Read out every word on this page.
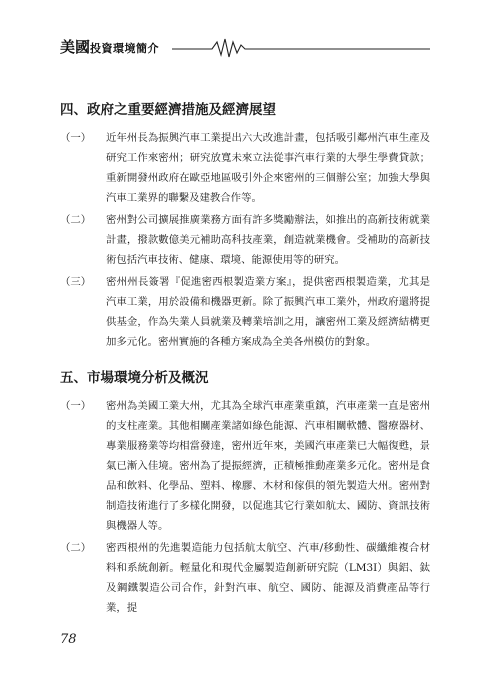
美國投資環境簡介
四、政府之重要經濟措施及經濟展望
（一）	近年州長為振興汽車工業提出六大改進計畫，包括吸引鄰州汽車生產及研究工作來密州；研究放寬未來立法從事汽車行業的大學生學費貸款；重新開發州政府在歐亞地區吸引外企來密州的三個辦公室；加強大學與汽車工業界的聯繫及建教合作等。
（二）	密州對公司擴展推廣業務方面有許多獎勵辦法，如推出的高新技術就業計畫，撥款數億美元補助高科技產業，創造就業機會。受補助的高新技術包括汽車技術、健康、環境、能源使用等的研究。
（三）	密州州長簽署『促進密西根製造業方案』，提供密西根製造業，尤其是汽車工業，用於設備和機器更新。除了振興汽車工業外，州政府還將提供基金，作為失業人員就業及轉業培訓之用，讓密州工業及經濟結構更加多元化。密州實施的各種方案成為全美各州模仿的對象。
五、市場環境分析及概況
（一）	密州為美國工業大州，尤其為全球汽車產業重鎮，汽車產業一直是密州的支柱產業。其他相關產業諸如綠色能源、汽車相關軟體、醫療器材、專業服務業等均相當發達，密州近年來，美國汽車產業已大幅復甦，景氣已漸入佳境。密州為了提振經濟，正積極推動產業多元化。密州是食品和飲料、化學品、塑料、橡膠、木材和傢俱的領先製造大州。密州對制造技術進行了多樣化開發，以促進其它行業如航太、國防、資訊技術與機器人等。
（二）	密西根州的先進製造能力包括航太航空、汽車/移動性、碳纖維複合材料和系統創新。輕量化和現代金屬製造創新研究院（LM3I）與鋁、鈦及鋼鐵製造公司合作，針對汽車、航空、國防、能源及消費產品等行業，提
78
